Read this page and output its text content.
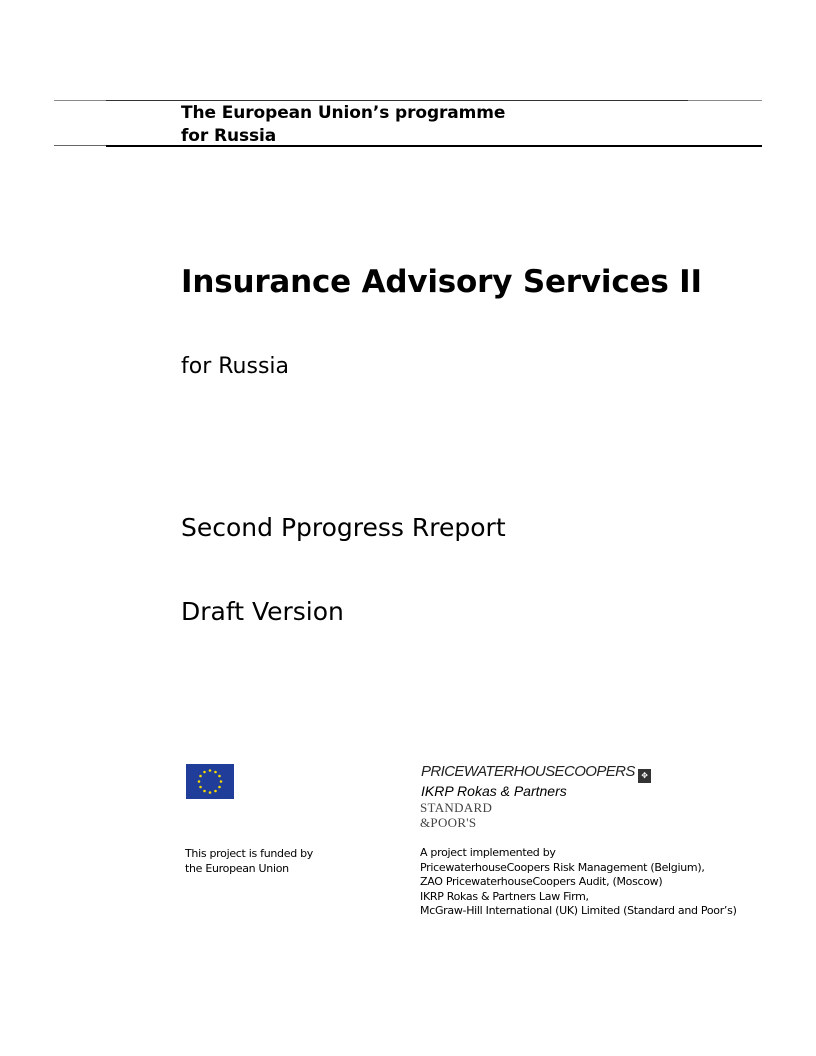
The European Union’s programme
for Russia
Insurance Advisory Services II
for Russia
Second Pprogress Rreport
Draft Version
PRICEWATERHOUSECOOPERS ✥
IKRP Rokas & Partners
STANDARD
&POOR'S
This project is funded by
the European Union
A project implemented by
PricewaterhouseCoopers Risk Management (Belgium),
ZAO PricewaterhouseCoopers Audit, (Moscow)
IKRP Rokas & Partners Law Firm,
McGraw-Hill International (UK) Limited (Standard and Poor’s)
